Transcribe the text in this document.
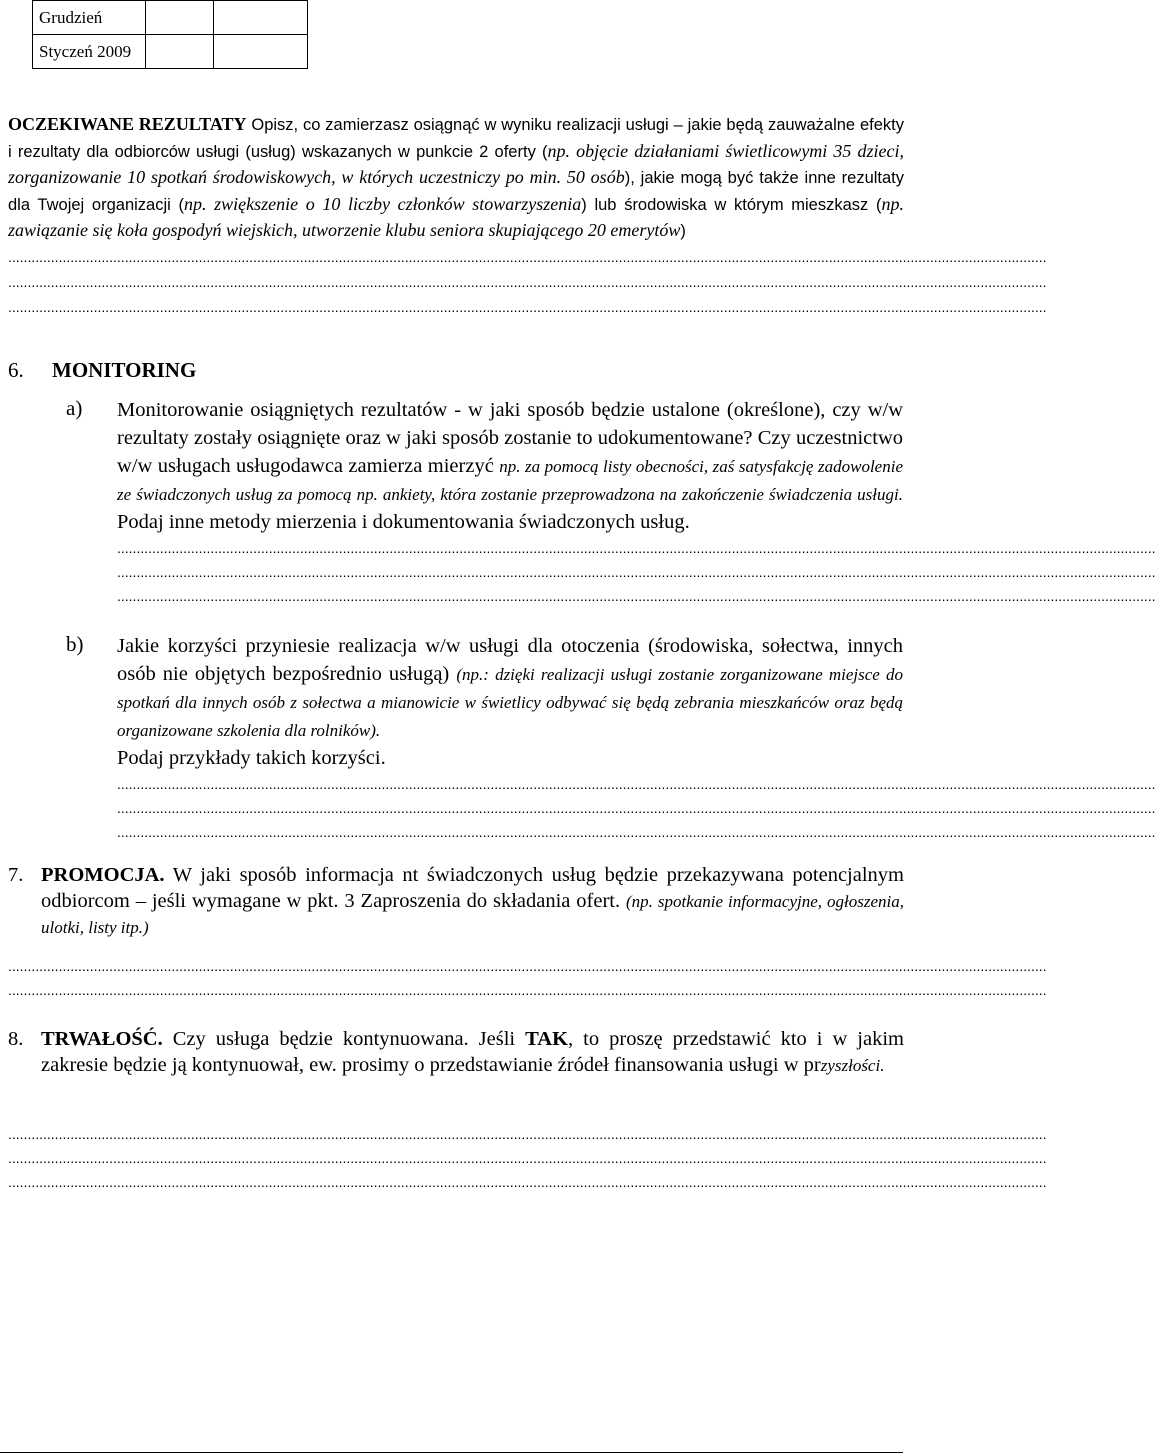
Grudzień		
Styczeń 2009		
OCZEKIWANE REZULTATY Opisz, co zamierzasz osiągnąć w wyniku realizacji usługi – jakie będą zauważalne efekty i rezultaty dla odbiorców usługi (usług) wskazanych w punkcie 2 oferty (np. objęcie działaniami świetlicowymi 35 dzieci, zorganizowanie 10 spotkań środowiskowych, w których uczestniczy po min. 50 osób), jakie mogą być także inne rezultaty dla Twojej organizacji (np. zwiększenie o 10 liczby członków stowarzyszenia) lub środowiska w którym mieszkasz (np. zawiązanie się koła gospodyń wiejskich, utworzenie klubu seniora skupiającego 20 emerytów)
...........................................................................................................................................................................................................................................................................
...........................................................................................................................................................................................................................................................................
...........................................................................................................................................................................................................................................................................
6. MONITORING
a) Monitorowanie osiągniętych rezultatów - w jaki sposób będzie ustalone (określone), czy w/w rezultaty zostały osiągnięte oraz w jaki sposób zostanie to udokumentowane? Czy uczestnictwo w/w usługach usługodawca zamierza mierzyć np. za pomocą listy obecności, zaś satysfakcję zadowolenie ze świadczonych usług za pomocą np. ankiety, która zostanie przeprowadzona na zakończenie świadczenia usługi. Podaj inne metody mierzenia i dokumentowania świadczonych usług.
...........................................................................................................................................................................................................................................................................
...........................................................................................................................................................................................................................................................................
...........................................................................................................................................................................................................................................................................
b) Jakie korzyści przyniesie realizacja w/w usługi dla otoczenia (środowiska, sołectwa, innych osób nie objętych bezpośrednio usługą) (np.: dzięki realizacji usługi zostanie zorganizowane miejsce do spotkań dla innych osób z sołectwa a mianowicie w świetlicy odbywać się będą zebrania mieszkańców oraz będą organizowane szkolenia dla rolników).
Podaj przykłady takich korzyści.
...........................................................................................................................................................................................................................................................................
...........................................................................................................................................................................................................................................................................
...........................................................................................................................................................................................................................................................................
7. PROMOCJA. W jaki sposób informacja nt świadczonych usług będzie przekazywana potencjalnym odbiorcom – jeśli wymagane w pkt. 3 Zaproszenia do składania ofert. (np. spotkanie informacyjne, ogłoszenia, ulotki, listy itp.)
...........................................................................................................................................................................................................................................................................
...........................................................................................................................................................................................................................................................................
8. TRWAŁOŚĆ. Czy usługa będzie kontynuowana. Jeśli TAK, to proszę przedstawić kto i w jakim zakresie będzie ją kontynuował, ew. prosimy o przedstawianie źródeł finansowania usługi w przyszłości.
...........................................................................................................................................................................................................................................................................
...........................................................................................................................................................................................................................................................................
...........................................................................................................................................................................................................................................................................
